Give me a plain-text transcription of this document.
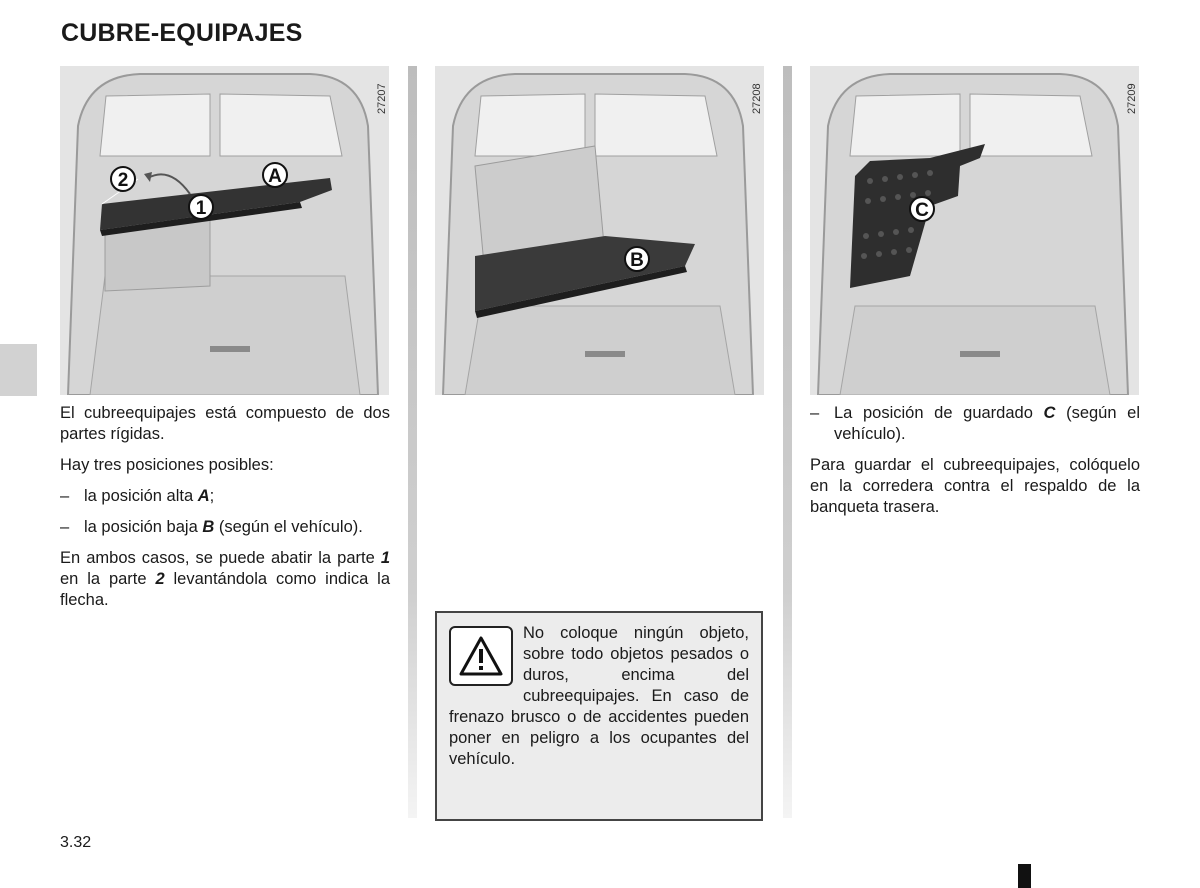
CUBRE-EQUIPAJES
2	A
1
27207
B
27208
C
27209

El cubreequipajes está compuesto de dos partes rígidas.

Hay tres posiciones posibles:

– la posición alta A;
– la posición baja B (según el vehículo).

En ambos casos, se puede abatir la parte 1 en la parte 2 levantándola como indica la flecha.

– La posición de guardado C (según el vehículo).

Para guardar el cubreequipajes, colóquelo en la corredera contra el respaldo de la banqueta trasera.

No coloque ningún objeto, sobre todo objetos pesados o duros, encima del cubreequipajes. En caso de frenazo brusco o de accidentes pueden poner en peligro a los ocupantes del vehículo.

3.32
